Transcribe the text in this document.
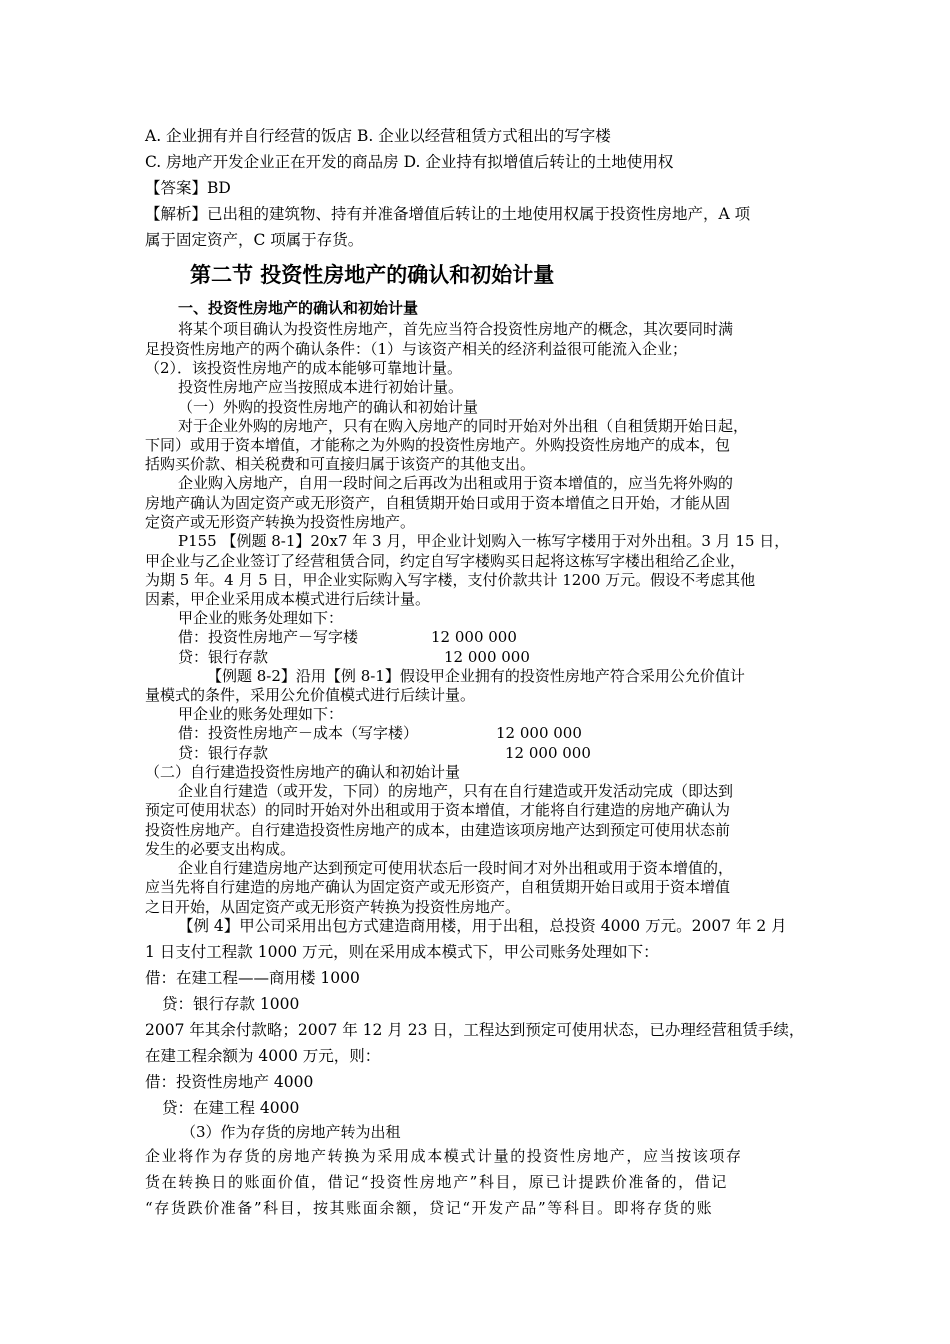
A. 企业拥有并自行经营的饭店 B. 企业以经营租赁方式租出的写字楼
C. 房地产开发企业正在开发的商品房 D. 企业持有拟增值后转让的土地使用权
【答案】BD
【解析】已出租的建筑物、持有并准备增值后转让的土地使用权属于投资性房地产，A 项
属于固定资产，C 项属于存货。
第二节 投资性房地产的确认和初始计量
一、投资性房地产的确认和初始计量
将某个项目确认为投资性房地产，首先应当符合投资性房地产的概念，其次要同时满
足投资性房地产的两个确认条件：（1）与该资产相关的经济利益很可能流入企业；
（2）．该投资性房地产的成本能够可靠地计量。
投资性房地产应当按照成本进行初始计量。
（一）外购的投资性房地产的确认和初始计量
对于企业外购的房地产，只有在购入房地产的同时开始对外出租（自租赁期开始日起，
下同）或用于资本增值，才能称之为外购的投资性房地产。外购投资性房地产的成本，包
括购买价款、相关税费和可直接归属于该资产的其他支出。
企业购入房地产，自用一段时间之后再改为出租或用于资本增值的，应当先将外购的
房地产确认为固定资产或无形资产，自租赁期开始日或用于资本增值之日开始，才能从固
定资产或无形资产转换为投资性房地产。
P155 【例题 8-1】20x7 年 3 月，甲企业计划购入一栋写字楼用于对外出租。3 月 15 日，
甲企业与乙企业签订了经营租赁合同，约定自写字楼购买日起将这栋写字楼出租给乙企业，
为期 5 年。4 月 5 日，甲企业实际购入写字楼，支付价款共计 1200 万元。假设不考虑其他
因素，甲企业采用成本模式进行后续计量。
甲企业的账务处理如下：
借：投资性房地产－写字楼	12 000 000
贷：银行存款	12 000 000
【例题 8-2】沿用【例 8-1】假设甲企业拥有的投资性房地产符合采用公允价值计
量模式的条件，采用公允价值模式进行后续计量。
甲企业的账务处理如下：
借：投资性房地产－成本（写字楼）	12 000 000
贷：银行存款	12 000 000
（二）自行建造投资性房地产的确认和初始计量
企业自行建造（或开发，下同）的房地产，只有在自行建造或开发活动完成（即达到
预定可使用状态）的同时开始对外出租或用于资本增值，才能将自行建造的房地产确认为
投资性房地产。自行建造投资性房地产的成本，由建造该项房地产达到预定可使用状态前
发生的必要支出构成。
企业自行建造房地产达到预定可使用状态后一段时间才对外出租或用于资本增值的，
应当先将自行建造的房地产确认为固定资产或无形资产，自租赁期开始日或用于资本增值
之日开始，从固定资产或无形资产转换为投资性房地产。
【例 4】甲公司采用出包方式建造商用楼，用于出租，总投资 4000 万元。2007 年 2 月
1 日支付工程款 1000 万元，则在采用成本模式下，甲公司账务处理如下：
借：在建工程——商用楼 1000
贷：银行存款 1000
2007 年其余付款略；2007 年 12 月 23 日，工程达到预定可使用状态，已办理经营租赁手续，
在建工程余额为 4000 万元，则：
借：投资性房地产 4000
贷：在建工程 4000
（3）作为存货的房地产转为出租
企业将作为存货的房地产转换为采用成本模式计量的投资性房地产，应当按该项存
货在转换日的账面价值，借记“投资性房地产”科目，原已计提跌价准备的，借记
“存货跌价准备”科目，按其账面余额，贷记“开发产品”等科目。即将存货的账
